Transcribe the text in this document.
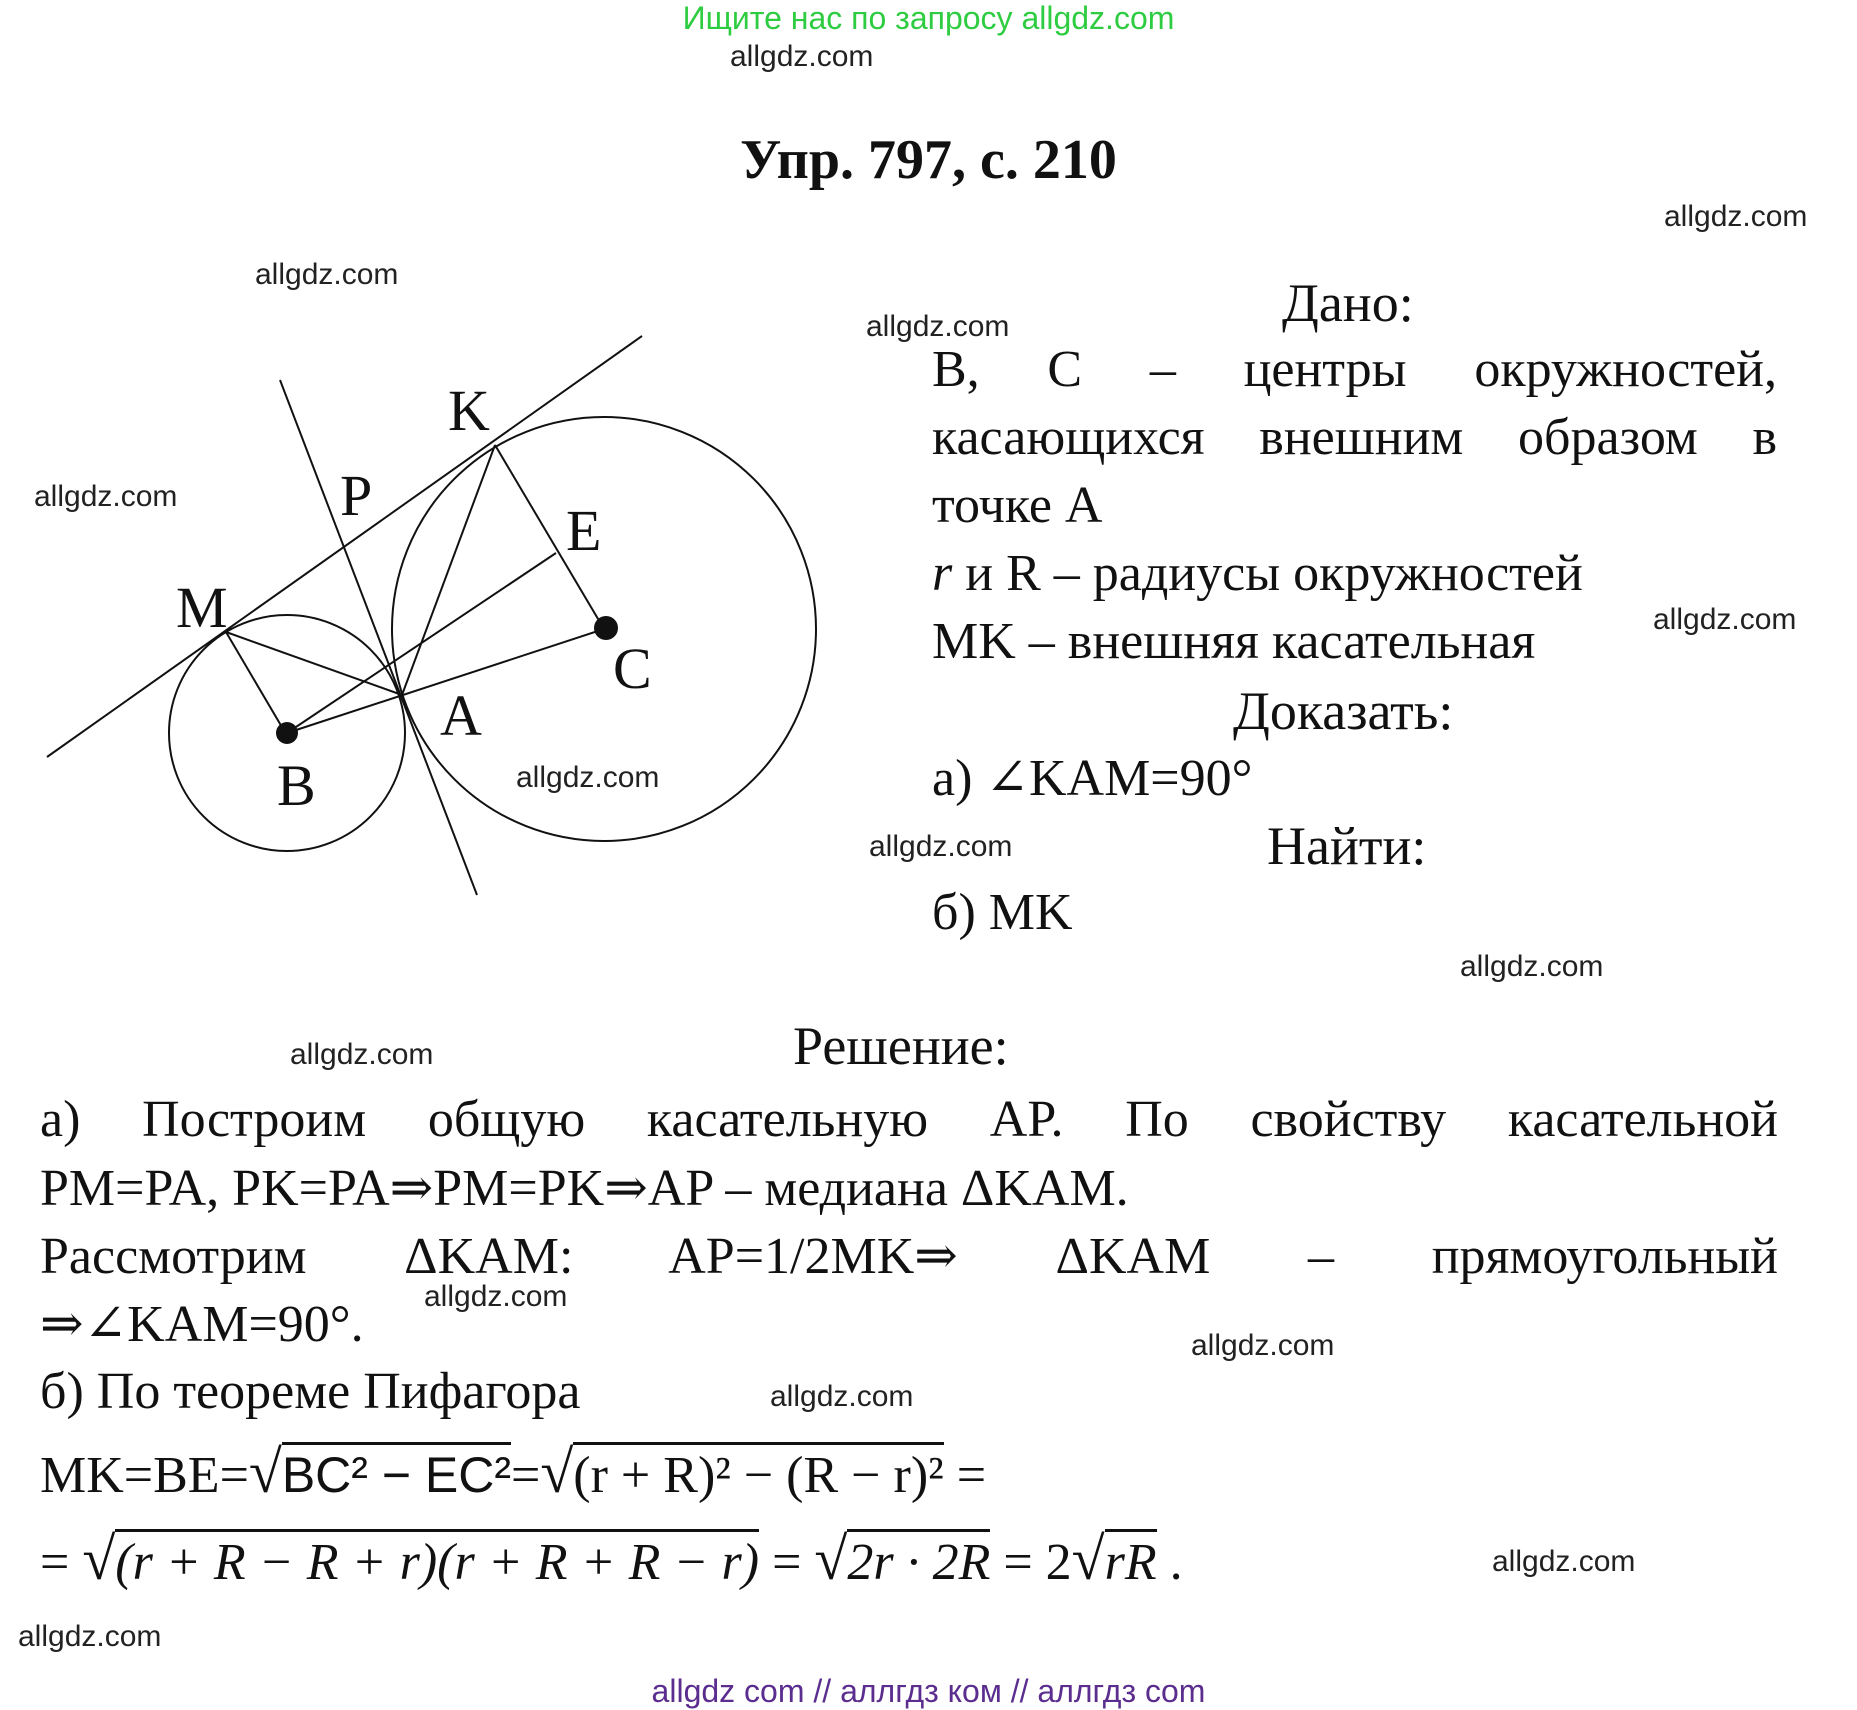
Ищите нас по запросу allgdz.com
allgdz.com
allgdz.com
allgdz.com
allgdz.com
allgdz.com
allgdz.com
allgdz.com
allgdz.com
allgdz.com
allgdz.com
allgdz.com
allgdz.com
allgdz.com
allgdz.com
allgdz.com
Упр. 797, с. 210
K
P
E
M
C
A
B
Дано:
B, C – центры окружностей,
касающихся внешним образом в
точке A
r и R – радиусы окружностей
MK – внешняя касательная
Доказать:
а) ∠KAM=90°
Найти:
б) MK
Решение:
а) Построим общую касательную AP. По свойству касательной
PM=PA, PK=PA⇒PM=PK⇒AP – медиана ΔKAM.
Рассмотрим ΔKAM: AP=1/2MK⇒ ΔKAM – прямоугольный
⇒∠KAM=90°.
б) По теореме Пифагора
MK=BE=√BC² − EC²=√(r + R)² − (R − r)² =
= √(r + R − R + r)(r + R + R − r) = √2r · 2R = 2√rR .
allgdz com // аллгдз ком // аллгдз com
